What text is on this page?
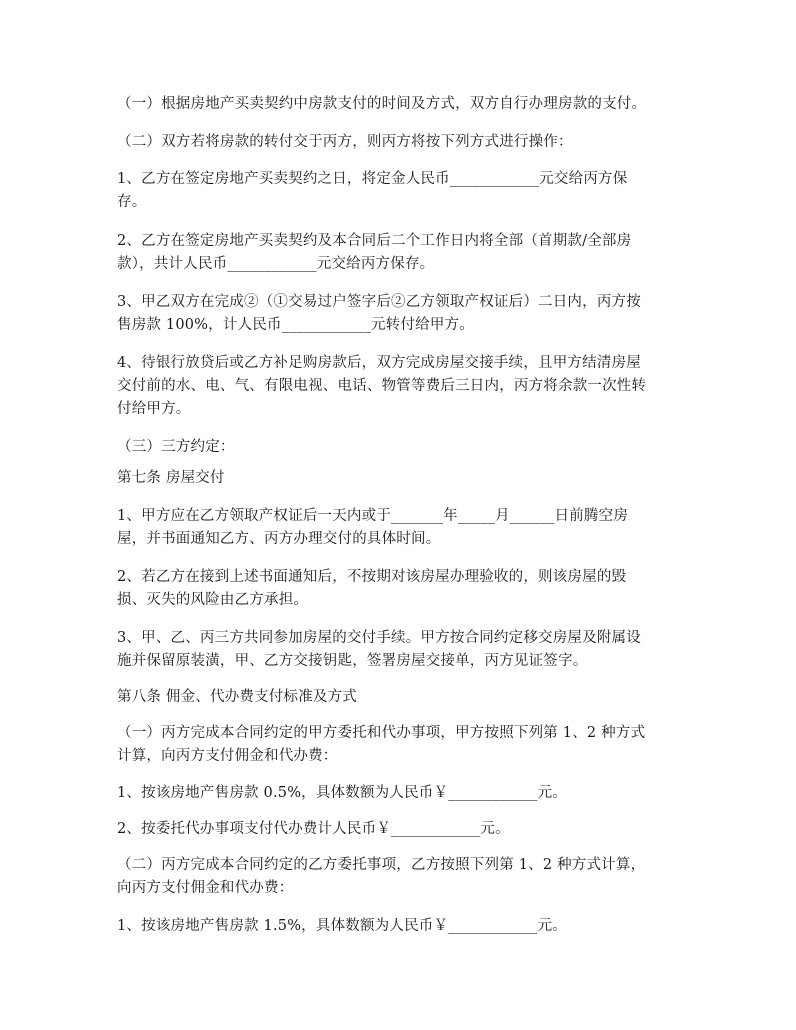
（一）根据房地产买卖契约中房款支付的时间及方式，双方自行办理房款的支付。
（二）双方若将房款的转付交于丙方，则丙方将按下列方式进行操作：
1、乙方在签定房地产买卖契约之日，将定金人民币____________元交给丙方保
存。
2、乙方在签定房地产买卖契约及本合同后二个工作日内将全部（首期款/全部房
款），共计人民币____________元交给丙方保存。
3、甲乙双方在完成②（①交易过户签字后②乙方领取产权证后）二日内，丙方按
售房款 100%，计人民币____________元转付给甲方。
4、待银行放贷后或乙方补足购房款后，双方完成房屋交接手续，且甲方结清房屋
交付前的水、电、气、有限电视、电话、物管等费后三日内，丙方将余款一次性转
付给甲方。
（三）三方约定：
第七条 房屋交付
1、甲方应在乙方领取产权证后一天内或于_______年_____月______日前腾空房
屋，并书面通知乙方、丙方办理交付的具体时间。
2、若乙方在接到上述书面通知后，不按期对该房屋办理验收的，则该房屋的毁
损、灭失的风险由乙方承担。
3、甲、乙、丙三方共同参加房屋的交付手续。甲方按合同约定移交房屋及附属设
施并保留原装潢，甲、乙方交接钥匙，签署房屋交接单，丙方见证签字。
第八条 佣金、代办费支付标准及方式
（一）丙方完成本合同约定的甲方委托和代办事项，甲方按照下列第 1、2 种方式
计算，向丙方支付佣金和代办费：
1、按该房地产售房款 0.5%，具体数额为人民币￥____________元。
2、按委托代办事项支付代办费计人民币￥____________元。
（二）丙方完成本合同约定的乙方委托事项，乙方按照下列第 1、2 种方式计算，
向丙方支付佣金和代办费：
1、按该房地产售房款 1.5%，具体数额为人民币￥____________元。
